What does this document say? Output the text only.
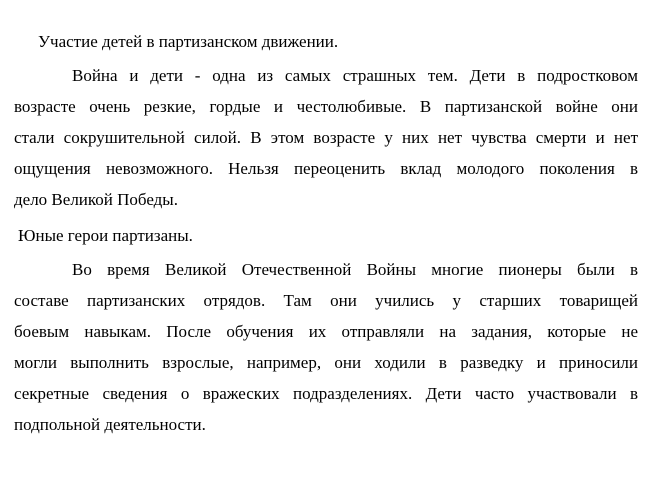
Участие детей в партизанском движении.
Война и дети - одна из самых страшных тем. Дети в подростковом
возрасте очень резкие, гордые и честолюбивые. В партизанской войне они
стали сокрушительной силой. В этом возрасте у них нет чувства смерти и нет
ощущения невозможного. Нельзя переоценить вклад молодого поколения в
дело Великой Победы.
Юные герои партизаны.
Во время Великой Отечественной Войны многие пионеры были в
составе партизанских отрядов. Там они учились у старших товарищей
боевым навыкам. После обучения их отправляли на задания, которые не
могли выполнить взрослые, например, они ходили в разведку и приносили
секретные сведения о вражеских подразделениях. Дети часто участвовали в
подпольной деятельности.
